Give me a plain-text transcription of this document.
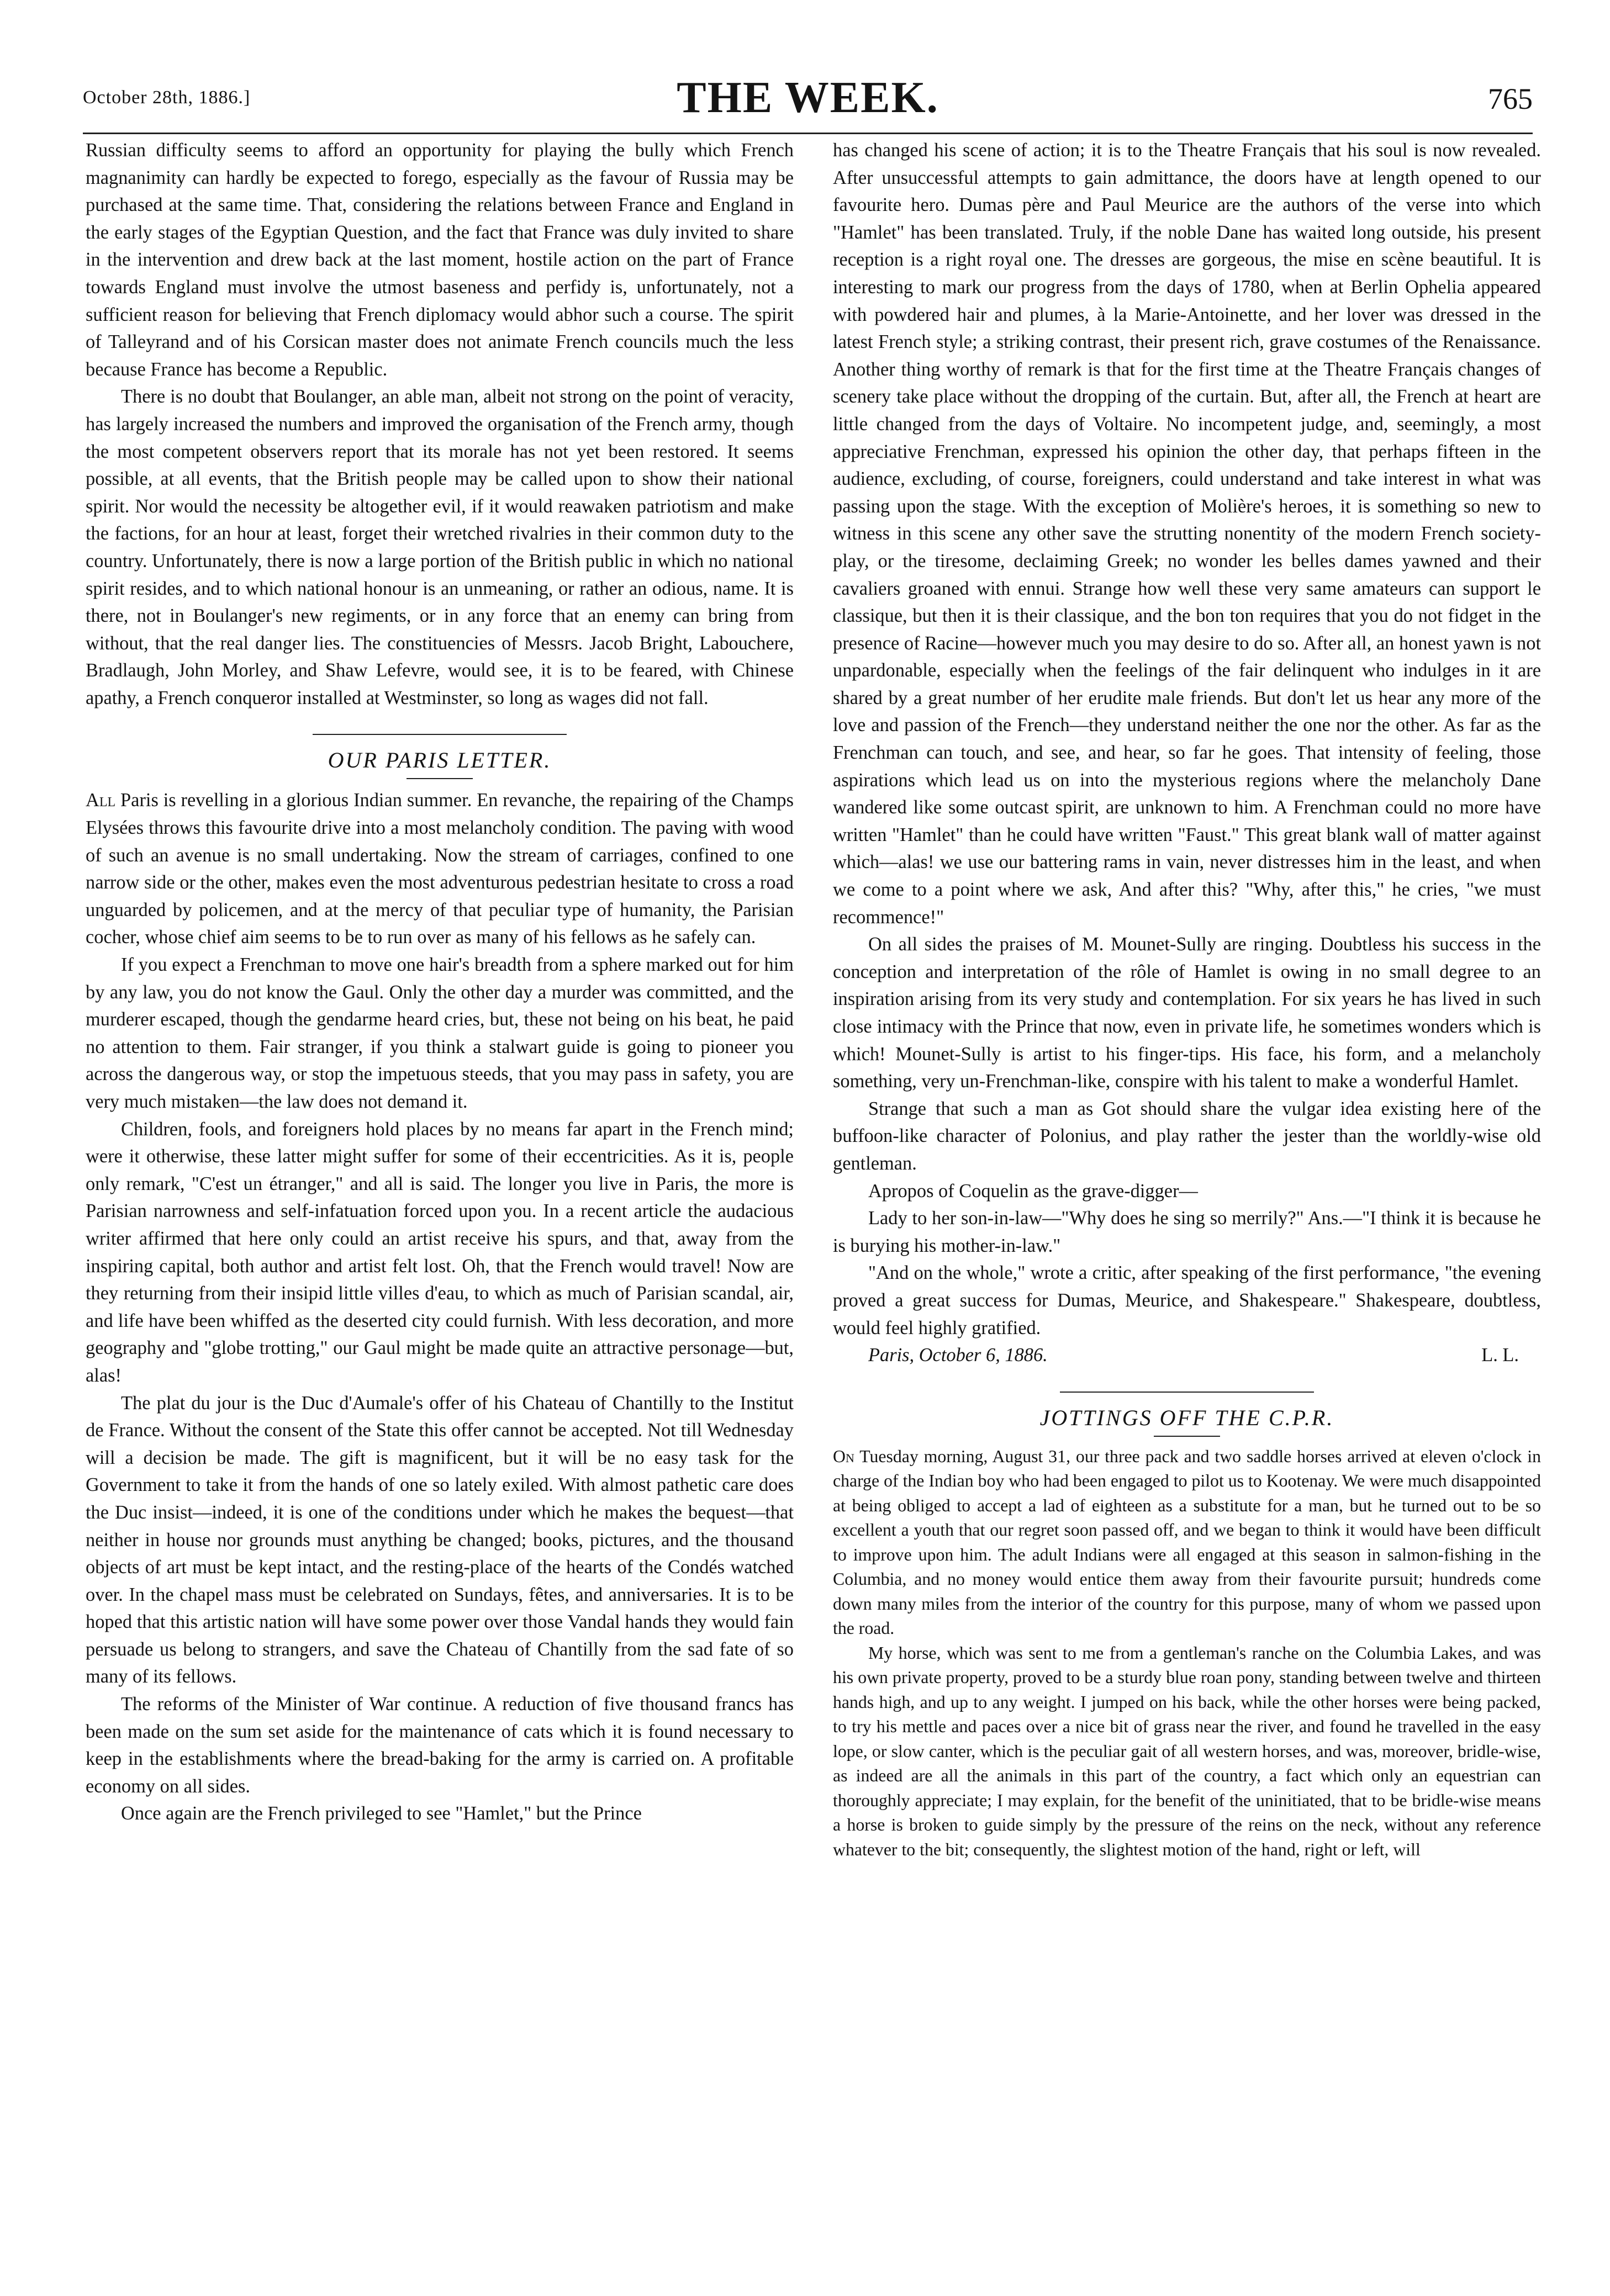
October 28th, 1886.]	THE WEEK.	765

Russian difficulty seems to afford an opportunity for playing the bully which French magnanimity can hardly be expected to forego, especially as the favour of Russia may be purchased at the same time. That, considering the relations between France and England in the early stages of the Egyptian Question, and the fact that France was duly invited to share in the intervention and drew back at the last moment, hostile action on the part of France towards England must involve the utmost baseness and perfidy is, unfortunately, not a sufficient reason for believing that French diplomacy would abhor such a course. The spirit of Talleyrand and of his Corsican master does not animate French councils much the less because France has become a Republic.

There is no doubt that Boulanger, an able man, albeit not strong on the point of veracity, has largely increased the numbers and improved the organisation of the French army, though the most competent observers report that its morale has not yet been restored. It seems possible, at all events, that the British people may be called upon to show their national spirit. Nor would the necessity be altogether evil, if it would reawaken patriotism and make the factions, for an hour at least, forget their wretched rivalries in their common duty to the country. Unfortunately, there is now a large portion of the British public in which no national spirit resides, and to which national honour is an unmeaning, or rather an odious, name. It is there, not in Boulanger's new regiments, or in any force that an enemy can bring from without, that the real danger lies. The constituencies of Messrs. Jacob Bright, Labouchere, Bradlaugh, John Morley, and Shaw Lefevre, would see, it is to be feared, with Chinese apathy, a French conqueror installed at Westminster, so long as wages did not fall.

OUR PARIS LETTER.

All Paris is revelling in a glorious Indian summer. En revanche, the repairing of the Champs Elysées throws this favourite drive into a most melancholy condition. The paving with wood of such an avenue is no small undertaking. Now the stream of carriages, confined to one narrow side or the other, makes even the most adventurous pedestrian hesitate to cross a road unguarded by policemen, and at the mercy of that peculiar type of humanity, the Parisian cocher, whose chief aim seems to be to run over as many of his fellows as he safely can.

If you expect a Frenchman to move one hair's breadth from a sphere marked out for him by any law, you do not know the Gaul. Only the other day a murder was committed, and the murderer escaped, though the gendarme heard cries, but, these not being on his beat, he paid no attention to them. Fair stranger, if you think a stalwart guide is going to pioneer you across the dangerous way, or stop the impetuous steeds, that you may pass in safety, you are very much mistaken—the law does not demand it.

Children, fools, and foreigners hold places by no means far apart in the French mind; were it otherwise, these latter might suffer for some of their eccentricities. As it is, people only remark, "C'est un étranger," and all is said. The longer you live in Paris, the more is Parisian narrowness and self-infatuation forced upon you. In a recent article the audacious writer affirmed that here only could an artist receive his spurs, and that, away from the inspiring capital, both author and artist felt lost. Oh, that the French would travel! Now are they returning from their insipid little villes d'eau, to which as much of Parisian scandal, air, and life have been whiffed as the deserted city could furnish. With less decoration, and more geography and "globe trotting," our Gaul might be made quite an attractive personage—but, alas!

The plat du jour is the Duc d'Aumale's offer of his Chateau of Chantilly to the Institut de France. Without the consent of the State this offer cannot be accepted. Not till Wednesday will a decision be made. The gift is magnificent, but it will be no easy task for the Government to take it from the hands of one so lately exiled. With almost pathetic care does the Duc insist—indeed, it is one of the conditions under which he makes the bequest—that neither in house nor grounds must anything be changed; books, pictures, and the thousand objects of art must be kept intact, and the resting-place of the hearts of the Condés watched over. In the chapel mass must be celebrated on Sundays, fêtes, and anniversaries. It is to be hoped that this artistic nation will have some power over those Vandal hands they would fain persuade us belong to strangers, and save the Chateau of Chantilly from the sad fate of so many of its fellows.

The reforms of the Minister of War continue. A reduction of five thousand francs has been made on the sum set aside for the maintenance of cats which it is found necessary to keep in the establishments where the bread-baking for the army is carried on. A profitable economy on all sides.

Once again are the French privileged to see "Hamlet," but the Prince

has changed his scene of action; it is to the Theatre Français that his soul is now revealed. After unsuccessful attempts to gain admittance, the doors have at length opened to our favourite hero. Dumas père and Paul Meurice are the authors of the verse into which "Hamlet" has been translated. Truly, if the noble Dane has waited long outside, his present reception is a right royal one. The dresses are gorgeous, the mise en scène beautiful. It is interesting to mark our progress from the days of 1780, when at Berlin Ophelia appeared with powdered hair and plumes, à la Marie-Antoinette, and her lover was dressed in the latest French style; a striking contrast, their present rich, grave costumes of the Renaissance. Another thing worthy of remark is that for the first time at the Theatre Français changes of scenery take place without the dropping of the curtain. But, after all, the French at heart are little changed from the days of Voltaire. No incompetent judge, and, seemingly, a most appreciative Frenchman, expressed his opinion the other day, that perhaps fifteen in the audience, excluding, of course, foreigners, could understand and take interest in what was passing upon the stage. With the exception of Molière's heroes, it is something so new to witness in this scene any other save the strutting nonentity of the modern French society-play, or the tiresome, declaiming Greek; no wonder les belles dames yawned and their cavaliers groaned with ennui. Strange how well these very same amateurs can support le classique, but then it is their classique, and the bon ton requires that you do not fidget in the presence of Racine—however much you may desire to do so. After all, an honest yawn is not unpardonable, especially when the feelings of the fair delinquent who indulges in it are shared by a great number of her erudite male friends. But don't let us hear any more of the love and passion of the French—they understand neither the one nor the other. As far as the Frenchman can touch, and see, and hear, so far he goes. That intensity of feeling, those aspirations which lead us on into the mysterious regions where the melancholy Dane wandered like some outcast spirit, are unknown to him. A Frenchman could no more have written "Hamlet" than he could have written "Faust." This great blank wall of matter against which—alas! we use our battering rams in vain, never distresses him in the least, and when we come to a point where we ask, And after this? "Why, after this," he cries, "we must recommence!"

On all sides the praises of M. Mounet-Sully are ringing. Doubtless his success in the conception and interpretation of the rôle of Hamlet is owing in no small degree to an inspiration arising from its very study and contemplation. For six years he has lived in such close intimacy with the Prince that now, even in private life, he sometimes wonders which is which! Mounet-Sully is artist to his finger-tips. His face, his form, and a melancholy something, very un-Frenchman-like, conspire with his talent to make a wonderful Hamlet.

Strange that such a man as Got should share the vulgar idea existing here of the buffoon-like character of Polonius, and play rather the jester than the worldly-wise old gentleman.

Apropos of Coquelin as the grave-digger—

Lady to her son-in-law—"Why does he sing so merrily?" Ans.—"I think it is because he is burying his mother-in-law."

"And on the whole," wrote a critic, after speaking of the first performance, "the evening proved a great success for Dumas, Meurice, and Shakespeare." Shakespeare, doubtless, would feel highly gratified.

Paris, October 6, 1886.	L. L.
JOTTINGS OFF THE C.P.R.

On Tuesday morning, August 31, our three pack and two saddle horses arrived at eleven o'clock in charge of the Indian boy who had been engaged to pilot us to Kootenay. We were much disappointed at being obliged to accept a lad of eighteen as a substitute for a man, but he turned out to be so excellent a youth that our regret soon passed off, and we began to think it would have been difficult to improve upon him. The adult Indians were all engaged at this season in salmon-fishing in the Columbia, and no money would entice them away from their favourite pursuit; hundreds come down many miles from the interior of the country for this purpose, many of whom we passed upon the road.

My horse, which was sent to me from a gentleman's ranche on the Columbia Lakes, and was his own private property, proved to be a sturdy blue roan pony, standing between twelve and thirteen hands high, and up to any weight. I jumped on his back, while the other horses were being packed, to try his mettle and paces over a nice bit of grass near the river, and found he travelled in the easy lope, or slow canter, which is the peculiar gait of all western horses, and was, moreover, bridle-wise, as indeed are all the animals in this part of the country, a fact which only an equestrian can thoroughly appreciate; I may explain, for the benefit of the uninitiated, that to be bridle-wise means a horse is broken to guide simply by the pressure of the reins on the neck, without any reference whatever to the bit; consequently, the slightest motion of the hand, right or left, will
